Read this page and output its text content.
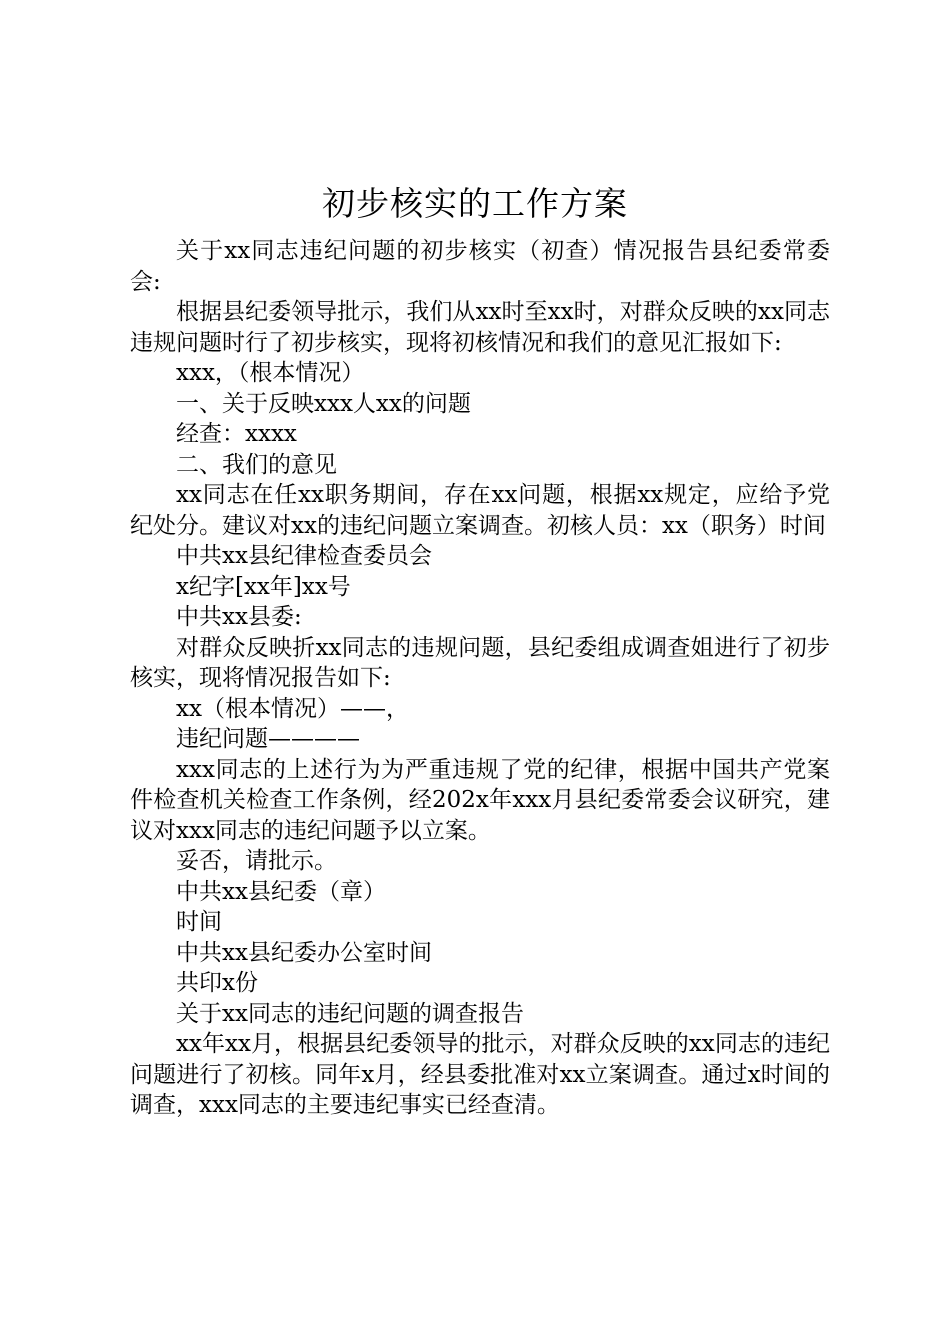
初步核实的工作方案

关于xx同志违纪问题的初步核实（初查）情况报告县纪委常委会:

根据县纪委领导批示，我们从xx时至xx时，对群众反映的xx同志违规问题时行了初步核实，现将初核情况和我们的意见汇报如下:

xxx，（根本情况）

一、关于反映xxx人xx的问题

经查：xxxx

二、我们的意见

xx同志在任xx职务期间，存在xx问题，根据xx规定，应给予党纪处分。建议对xx的违纪问题立案调查。初核人员：xx（职务）时间

中共xx县纪律检查委员会

x纪字[xx年]xx号

中共xx县委:

对群众反映折xx同志的违规问题，县纪委组成调查姐进行了初步核实，现将情况报告如下:

xx（根本情况）——，

违纪问题————

xxx同志的上述行为为严重违规了党的纪律，根据中国共产党案件检查机关检查工作条例，经202x年xxx月县纪委常委会议研究，建议对xxx同志的违纪问题予以立案。

妥否，请批示。

中共xx县纪委（章）

时间

中共xx县纪委办公室时间

共印x份

关于xx同志的违纪问题的调查报告

xx年xx月，根据县纪委领导的批示，对群众反映的xx同志的违纪问题进行了初核。同年x月，经县委批准对xx立案调查。通过x时间的调查，xxx同志的主要违纪事实已经查清。
